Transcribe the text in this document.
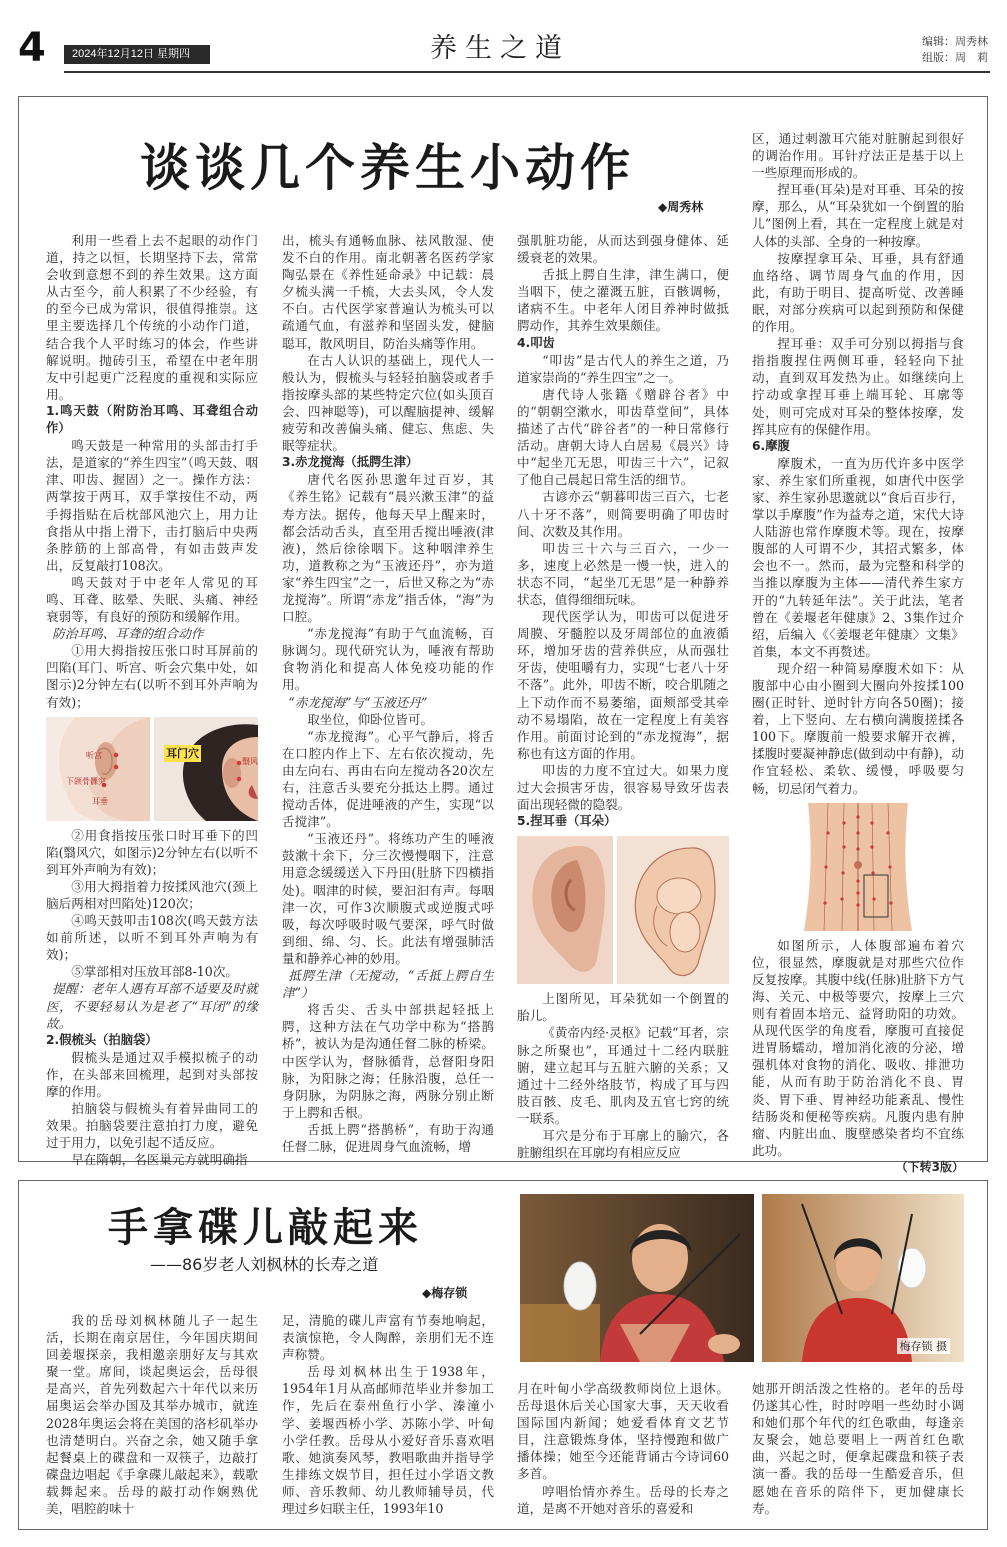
4	2024年12月12日 星期四	养生之道	编辑：周秀林
组版：周　莉
谈谈几个养生小动作
◆周秀林

利用一些看上去不起眼的动作门道，持之以恒，长期坚持下去，常常会收到意想不到的养生效果。这方面从古至今，前人积累了不少经验，有的至今已成为常识，很值得推崇。这里主要选择几个传统的小动作门道，结合我个人平时练习的体会，作些讲解说明。抛砖引玉，希望在中老年朋友中引起更广泛程度的重视和实际应用。

1.鸣天鼓（附防治耳鸣、耳聋组合动作）

鸣天鼓是一种常用的头部击打手法，是道家的“养生四宝”（鸣天鼓、咽津、叩齿、握固）之一。操作方法：两掌按于两耳，双手掌按住不动，两手拇指贴在后枕部风池穴上，用力让食指从中指上滑下，击打脑后中央两条脖筋的上部高骨，有如击鼓声发出，反复敲打108次。

鸣天鼓对于中老年人常见的耳鸣、耳聋、眩晕、失眠、头痛、神经衰弱等，有良好的预防和缓解作用。

防治耳鸣、耳聋的组合动作

①用大拇指按压张口时耳屏前的凹陷(耳门、听宫、听会穴集中处，如图示)2分钟左右(以听不到耳外声响为有效)；

听宫
下颌骨髁突
耳垂
耳门穴
翳风

②用食指按压张口时耳垂下的凹陷(翳风穴，如图示)2分钟左右(以听不到耳外声响为有效)；

③用大拇指着力按揉风池穴(颈上脑后两相对凹陷处)120次；

④鸣天鼓叩击108次(鸣天鼓方法如前所述，以听不到耳外声响为有效)；

⑤掌部相对压放耳部8-10次。

提醒：老年人遇有耳部不适要及时就医，不要轻易认为是老了“耳闭”的缘故。

2.假梳头（拍脑袋）

假梳头是通过双手模拟梳子的动作，在头部来回梳理，起到对头部按摩的作用。

拍脑袋与假梳头有着异曲同工的效果。拍脑袋要注意拍打力度，避免过于用力，以免引起不适反应。

早在隋朝，名医巢元方就明确指

出，梳头有通畅血脉、祛风散湿、使发不白的作用。南北朝著名医药学家陶弘景在《养性延命录》中记载：晨夕梳头满一千梳，大去头风，令人发不白。古代医学家普遍认为梳头可以疏通气血，有滋养和坚固头发，健脑聪耳，散风明目，防治头痛等作用。

在古人认识的基础上，现代人一般认为，假梳头与轻轻拍脑袋或者手指按摩头部的某些特定穴位(如头顶百会、四神聪等)，可以醒脑提神、缓解疲劳和改善偏头痛、健忘、焦虑、失眠等症状。

3.赤龙搅海（抵腭生津）

唐代名医孙思邈年过百岁，其《养生铭》记载有“晨兴漱玉津”的益寿方法。据传，他每天早上醒来时，都会活动舌头，直至用舌搅出唾液(津液)，然后徐徐咽下。这种咽津养生功，道教称之为“玉液还丹”，亦为道家“养生四宝”之一，后世又称之为“赤龙搅海”。所谓“赤龙”指舌体，“海”为口腔。

“赤龙搅海”有助于气血流畅，百脉调匀。现代研究认为，唾液有帮助食物消化和提高人体免疫功能的作用。

“赤龙搅海”与“玉液还丹”

取坐位，仰卧位皆可。

“赤龙搅海”。心平气静后，将舌在口腔内作上下、左右依次搅动，先由左向右、再由右向左搅动各20次左右，注意舌头要充分抵达上腭。通过搅动舌体，促进唾液的产生，实现“以舌搅津”。

“玉液还丹”。将练功产生的唾液鼓漱十余下，分三次慢慢咽下，注意用意念缓缓送入下丹田(肚脐下四横指处)。咽津的时候，要汩汩有声。每咽津一次，可作3次顺腹式或逆腹式呼吸，每次呼吸时吸气要深，呼气时做到细、绵、匀、长。此法有增强肺活量和静养心神的妙用。

抵腭生津（无搅动，“舌抵上腭自生津”）

将舌尖、舌头中部拱起轻抵上腭，这种方法在气功学中称为“搭鹊桥”，被认为是沟通任督二脉的桥梁。中医学认为，督脉循背，总督阳身阳脉，为阳脉之海；任脉沿腹，总任一身阴脉，为阴脉之海，两脉分别止断于上腭和舌根。

舌抵上腭“搭鹊桥”，有助于沟通任督二脉，促进周身气血流畅，增

强肌脏功能，从而达到强身健体、延缓衰老的效果。

舌抵上腭自生津，津生满口，便当咽下，使之灌溉五脏，百骸调畅，诸病不生。中老年人闭目养神时做抵腭动作，其养生效果颇佳。

4.叩齿

“叩齿”是古代人的养生之道，乃道家崇尚的“养生四宝”之一。

唐代诗人张籍《赠辟谷者》中的“朝朝空漱水，叩齿草堂间”，具体描述了古代“辟谷者”的一种日常修行活动。唐朝大诗人白居易《晨兴》诗中“起坐兀无思，叩齿三十六”，记叙了他自己晨起日常生活的细节。

古谚亦云“朝暮叩齿三百六，七老八十牙不落”，则简要明确了叩齿时间、次数及其作用。

叩齿三十六与三百六，一少一多，速度上必然是一慢一快，进入的状态不同，“起坐兀无思”是一种静养状态，值得细细玩味。

现代医学认为，叩齿可以促进牙周膜、牙髓腔以及牙周部位的血液循环，增加牙齿的营养供应，从而强壮牙齿，使咀嚼有力，实现“七老八十牙不落”。此外，叩齿不断，咬合肌随之上下动作而不易萎缩，面颊部受其牵动不易塌陷，故在一定程度上有美容作用。前面讨论到的“赤龙搅海”，据称也有这方面的作用。

叩齿的力度不宜过大。如果力度过大会损害牙齿，很容易导致牙齿表面出现轻微的隐裂。

5.捏耳垂（耳朵）

上图所见，耳朵犹如一个倒置的胎儿。

《黄帝内经·灵枢》记载“耳者，宗脉之所聚也”，耳通过十二经内联脏腑，建立起耳与五脏六腑的关系；又通过十二经外络肢节，构成了耳与四肢百骸、皮毛、肌肉及五官七窍的统一联系。

耳穴是分布于耳廓上的腧穴，各脏腑组织在耳廓均有相应反应

区，通过刺激耳穴能对脏腑起到很好的调治作用。耳针疗法正是基于以上一些原理而形成的。

捏耳垂(耳朵)是对耳垂、耳朵的按摩，那么，从“耳朵犹如一个倒置的胎儿”图例上看，其在一定程度上就是对人体的头部、全身的一种按摩。

按摩捏拿耳朵、耳垂，具有舒通血络络、调节周身气血的作用，因此，有助于明目、提高听觉、改善睡眠，对部分疾病可以起到预防和保健的作用。

捏耳垂：双手可分别以拇指与食指指腹捏住两侧耳垂，轻轻向下扯动，直到双耳发热为止。如继续向上拧动或拿捏耳垂上端耳轮、耳廓等处，则可完成对耳朵的整体按摩，发挥其应有的保健作用。

6.摩腹

摩腹术，一直为历代许多中医学家、养生家们所重视，如唐代中医学家、养生家孙思邈就以“食后百步行，掌以手摩腹”作为益寿之道，宋代大诗人陆游也常作摩腹术等。现在，按摩腹部的人可谓不少，其招式繁多，体会也不一。然而，最为完整和科学的当推以摩腹为主体——清代养生家方开的“九转延年法”。关于此法，笔者曾在《姜堰老年健康》2、3集作过介绍，后编入《〈姜堰老年健康〉文集》首集，本文不再赘述。

现介绍一种简易摩腹术如下：从腹部中心由小圈到大圈向外按揉100圈(正时针、逆时针方向各50圈)；接着，上下竖向、左右横向满腹搓揉各100下。摩腹前一般要求解开衣裤，揉腹时要凝神静虑(做到动中有静)，动作宜轻松、柔软、缓慢，呼吸要匀畅，切忌闭气着力。

如图所示，人体腹部遍布着穴位，很显然，摩腹就是对那些穴位作反复按摩。其腹中线(任脉)肚脐下方气海、关元、中极等要穴，按摩上三穴则有着固本培元、益肾助阳的功效。从现代医学的角度看，摩腹可直接促进胃肠蠕动，增加消化液的分泌，增强机体对食物的消化、吸收、排泄功能，从而有助于防治消化不良、胃炎、胃下垂、胃神经功能紊乱、慢性结肠炎和便秘等疾病。凡腹内患有肿瘤、内脏出血、腹壁感染者均不宜练此功。

（下转3版）

手拿碟儿敲起来
——86岁老人刘枫林的长寿之道
◆梅存锁
梅存锁 摄

我的岳母刘枫林随儿子一起生活，长期在南京居住，今年国庆期间回姜堰探亲，我相邀亲朋好友与其欢聚一堂。席间，谈起奥运会，岳母很是高兴，首先列数起六十年代以来历届奥运会举办国及其举办城市，就连2028年奥运会将在美国的洛杉矶举办也清楚明白。兴奋之余，她又随手拿起餐桌上的碟盘和一双筷子，边敲打碟盘边唱起《手拿碟儿敲起来》，载歌载舞起来。岳母的敲打动作娴熟优美，唱腔韵味十

足，清脆的碟儿声富有节奏地响起，表演惊艳，令人陶醉，亲朋们无不连声称赞。

岳母刘枫林出生于1938年，1954年1月从高邮师范毕业并参加工作，先后在泰州鱼行小学、溱潼小学、姜堰西桥小学、苏陈小学、叶甸小学任教。岳母从小爱好音乐喜欢唱歌、她演奏风琴，教唱歌曲并指导学生排练文娱节目，担任过小学语文教师、音乐教师、幼儿教师辅导员，代理过乡妇联主任，1993年10

月在叶甸小学高级教师岗位上退休。岳母退休后关心国家大事，天天收看国际国内新闻；她爱看体育文艺节目，注意锻炼身体，坚持慢跑和做广播体操；她至今还能背诵古今诗词60多首。

哼唱怡情亦养生。岳母的长寿之道，是离不开她对音乐的喜爱和

她那开朗活泼之性格的。老年的岳母仍遂其心性，时时哼唱一些幼时小调和她们那个年代的红色歌曲，每逢亲友聚会，她总要唱上一两首红色歌曲，兴起之时，便拿起碟盘和筷子表演一番。我的岳母一生酷爱音乐，但愿她在音乐的陪伴下，更加健康长寿。
